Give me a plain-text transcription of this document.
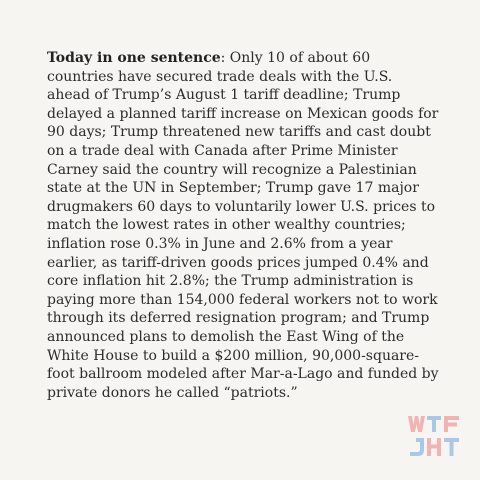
Today in one sentence: Only 10 of about 60 countries have secured trade deals with the U.S. ahead of Trump’s August 1 tariff deadline; Trump delayed a planned tariff increase on Mexican goods for 90 days; Trump threatened new tariffs and cast doubt on a trade deal with Canada after Prime Minister Carney said the country will recognize a Palestinian state at the UN in September; Trump gave 17 major drugmakers 60 days to voluntarily lower U.S. prices to match the lowest rates in other wealthy countries; inflation rose 0.3% in June and 2.6% from a year earlier, as tariff-driven goods prices jumped 0.4% and core inflation hit 2.8%; the Trump administration is paying more than 154,000 federal workers not to work through its deferred resignation program; and Trump announced plans to demolish the East Wing of the White House to build a $200 million, 90,000-square-foot ballroom modeled after Mar-a-Lago and funded by private donors he called “patriots.”
